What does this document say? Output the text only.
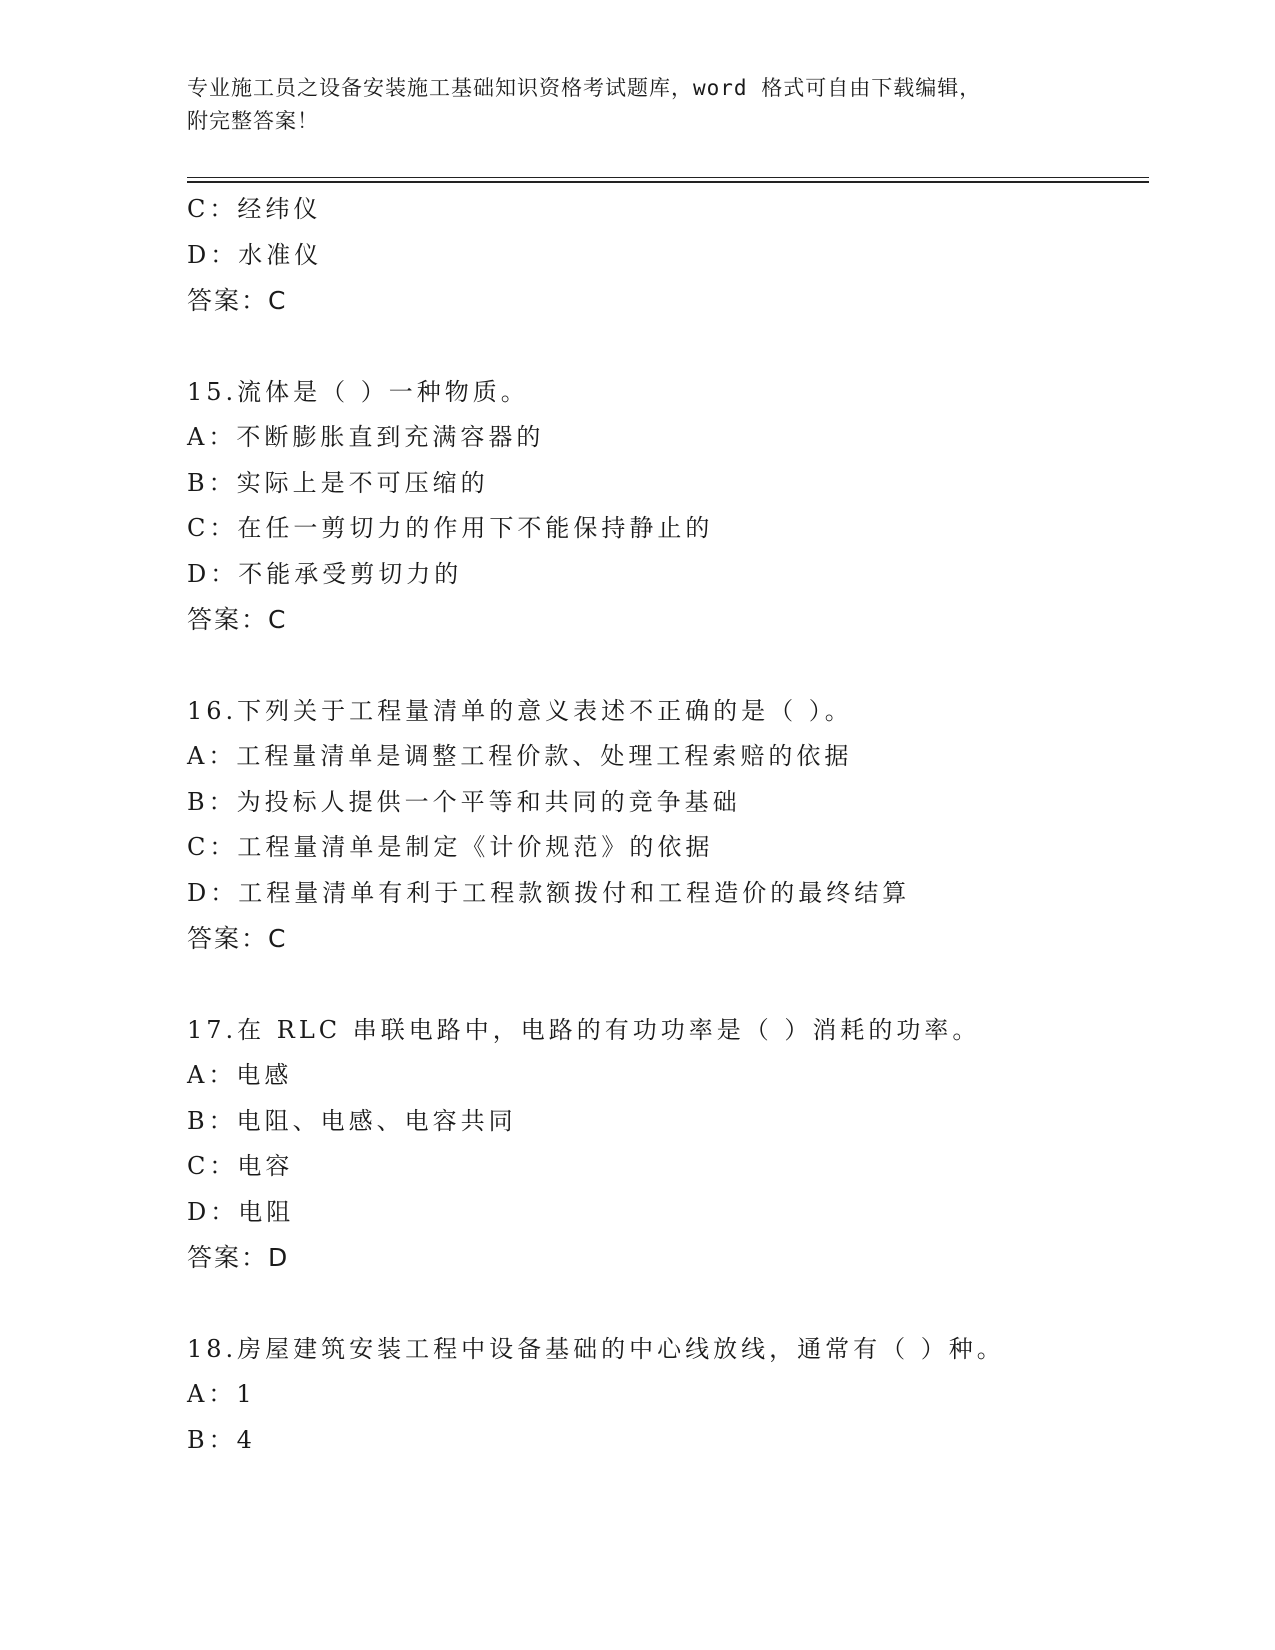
专业施工员之设备安装施工基础知识资格考试题库，word 格式可自由下载编辑，
附完整答案！
C：经纬仪
D：水准仪
答案：C
15.流体是（ ）一种物质。
A：不断膨胀直到充满容器的
B：实际上是不可压缩的
C：在任一剪切力的作用下不能保持静止的
D：不能承受剪切力的
答案：C
16.下列关于工程量清单的意义表述不正确的是（ ）。
A：工程量清单是调整工程价款、处理工程索赔的依据
B：为投标人提供一个平等和共同的竞争基础
C：工程量清单是制定《计价规范》的依据
D：工程量清单有利于工程款额拨付和工程造价的最终结算
答案：C
17.在 RLC 串联电路中，电路的有功功率是（ ）消耗的功率。
A：电感
B：电阻、电感、电容共同
C：电容
D：电阻
答案：D
18.房屋建筑安装工程中设备基础的中心线放线，通常有（ ）种。
A：1
B：4
